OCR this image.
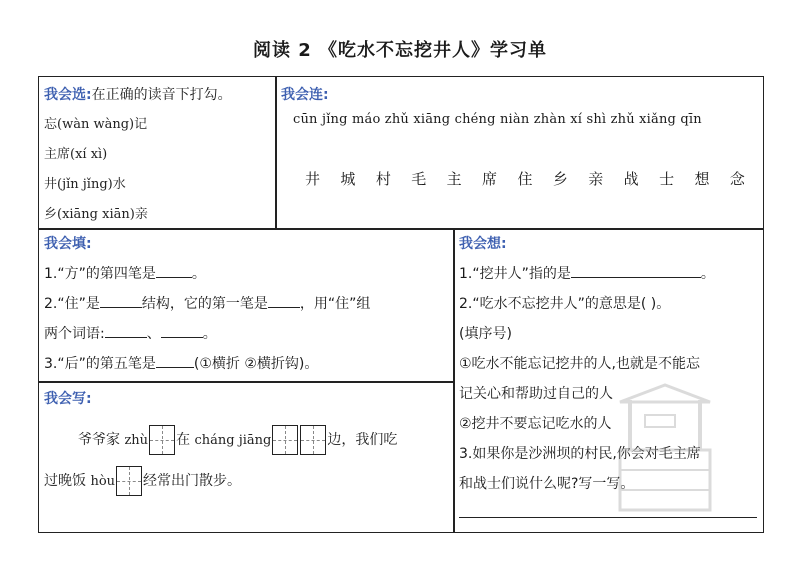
阅读 2 《吃水不忘挖井人》学习单
我会选:在正确的读音下打勾。
忘(wàn wàng)记
主席(xí xì)
井(jǐn jǐng)水
乡(xiāng xiān)亲
我会连:
cūn jǐng máo zhǔ xiāng chéng niàn zhàn xí shì zhǔ xiǎng qīn
井 城 村 毛 主 席 住 乡 亲 战 士 想 念
我会填:
1.“方”的第四笔是	。
2.“住”是	结构，它的第一笔是 ，用“住”组
两个词语:	、	。
3.“后”的第五笔是	(①横折 ②横折钩)。
我会想:
1.“挖井人”指的是	。
2.“吃水不忘挖井人”的意思是( )。
(填序号)
①吃水不能忘记挖井的人,也就是不能忘
记关心和帮助过自己的人
②挖井不要忘记吃水的人
3.如果你是沙洲坝的村民,你会对毛主席
和战士们说什么呢?写一写。
我会写:
爷爷家 zhù 在 cháng jiāng	边，我们吃
过晚饭 hòu 经常出门散步。
